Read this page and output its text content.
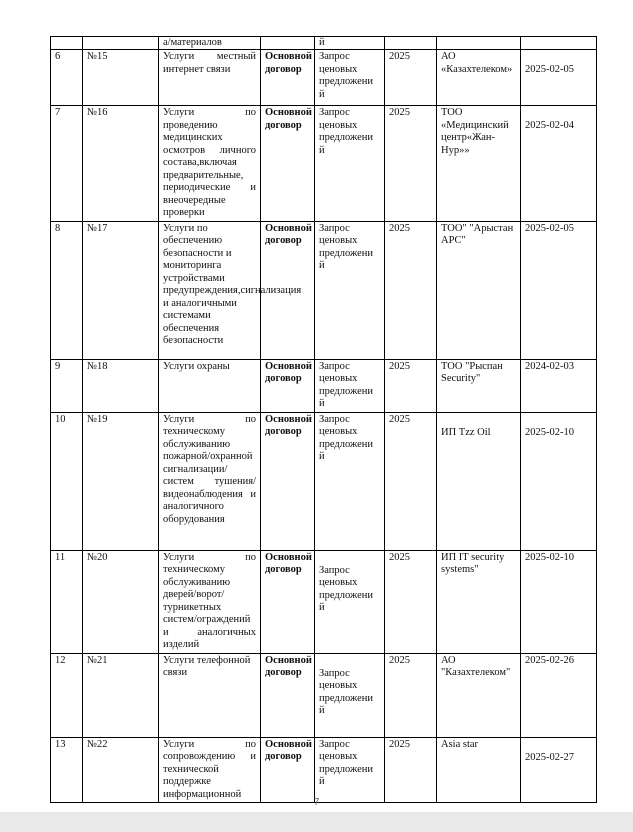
		а/материалов		й			
6	№15	Услуги местный интернет связи	Основной договор	Запрос ценовых предложени й	2025	АО «Казахтелеком»	2025-02-05
7	№16	Услуги по проведению медицинских осмотров личного состава,включая предварительные, периодические и внеочередные проверки	Основной договор	Запрос ценовых предложени й	2025	ТОО «Медицинский центр«Жан-Нур»»	2025-02-04
8	№17	Услуги по обеспечению безопасности и мониторинга устройствами предупреждения,сигнализация и аналогичными системами обеспечения безопасности	Основной договор	Запрос ценовых предложени й	2025	ТОО" "Арыстан АРС"	2025-02-05
9	№18	Услуги охраны	Основной договор	Запрос ценовых предложени й	2025	ТОО "Рыспан Security"	2024-02-03
10	№19	Услуги по техническому обслуживанию пожарной/охранной сигнализации/систем тушения/видеонаблюдения и аналогичного оборудования	Основной договор	Запрос ценовых предложени й	2025	ИП Tzz Oil	2025-02-10
11	№20	Услуги по техническому обслуживанию дверей/ворот/турникетных систем/ограждений и аналогичных изделий	Основной договор	Запрос ценовых предложени й	2025	ИП IT security systems"	2025-02-10
12	№21	Услуги телефонной связи	Основной договор	Запрос ценовых предложени й	2025	АО "Казахтелеком"	2025-02-26
13	№22	Услуги по сопровождению и технической поддержке информационной	Основной договор	Запрос ценовых предложени й	2025	Asia star	2025-02-27
7
